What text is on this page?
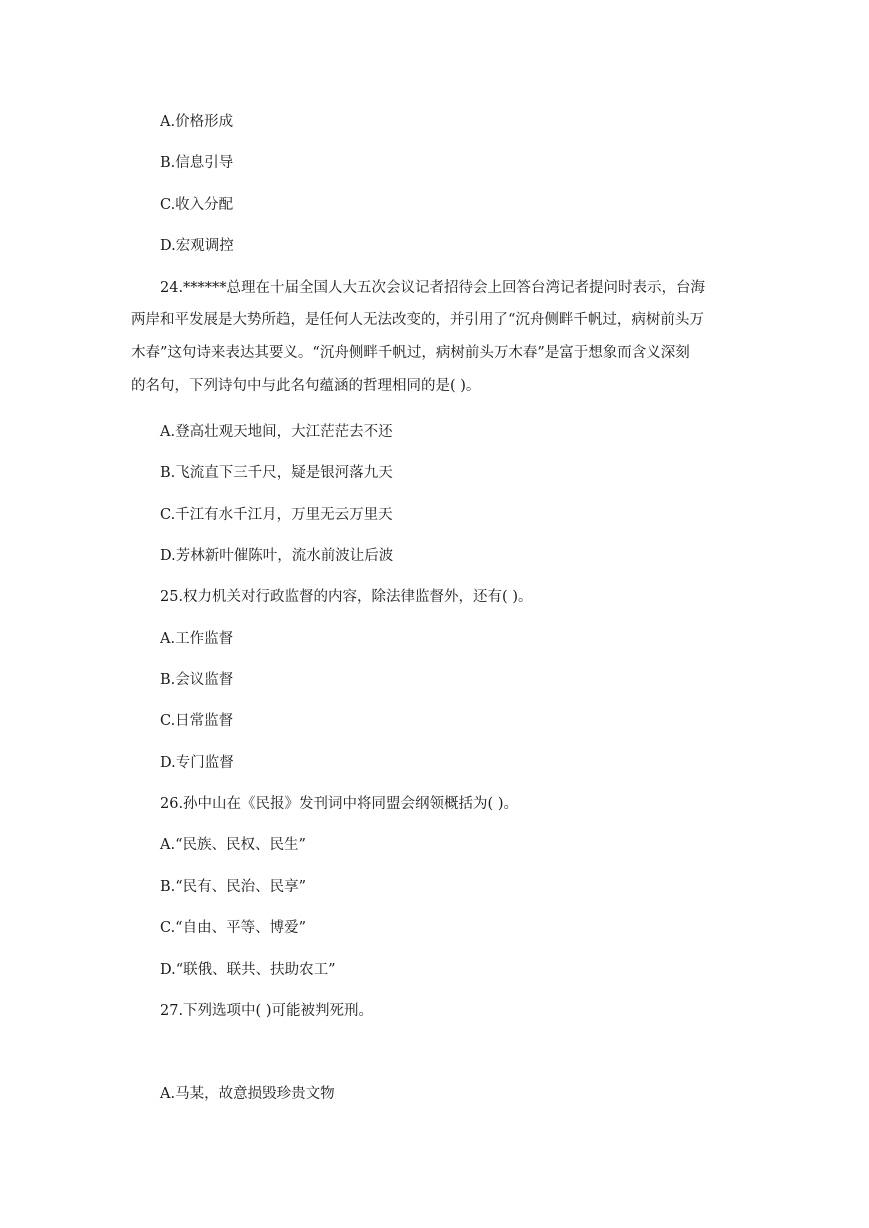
A.价格形成
B.信息引导
C.收入分配
D.宏观调控
24.******总理在十届全国人大五次会议记者招待会上回答台湾记者提问时表示，台海
两岸和平发展是大势所趋，是任何人无法改变的，并引用了“沉舟侧畔千帆过，病树前头万
木春”这句诗来表达其要义。“沉舟侧畔千帆过，病树前头万木春”是富于想象而含义深刻
的名句，下列诗句中与此名句蕴涵的哲理相同的是( )。
A.登高壮观天地间，大江茫茫去不还
B.飞流直下三千尺，疑是银河落九天
C.千江有水千江月，万里无云万里天
D.芳林新叶催陈叶，流水前波让后波
25.权力机关对行政监督的内容，除法律监督外，还有( )。
A.工作监督
B.会议监督
C.日常监督
D.专门监督
26.孙中山在《民报》发刊词中将同盟会纲领概括为( )。
A.“民族、民权、民生”
B.“民有、民治、民享”
C.“自由、平等、博爱”
D.“联俄、联共、扶助农工”
27.下列选项中( )可能被判死刑。
A.马某，故意损毁珍贵文物
